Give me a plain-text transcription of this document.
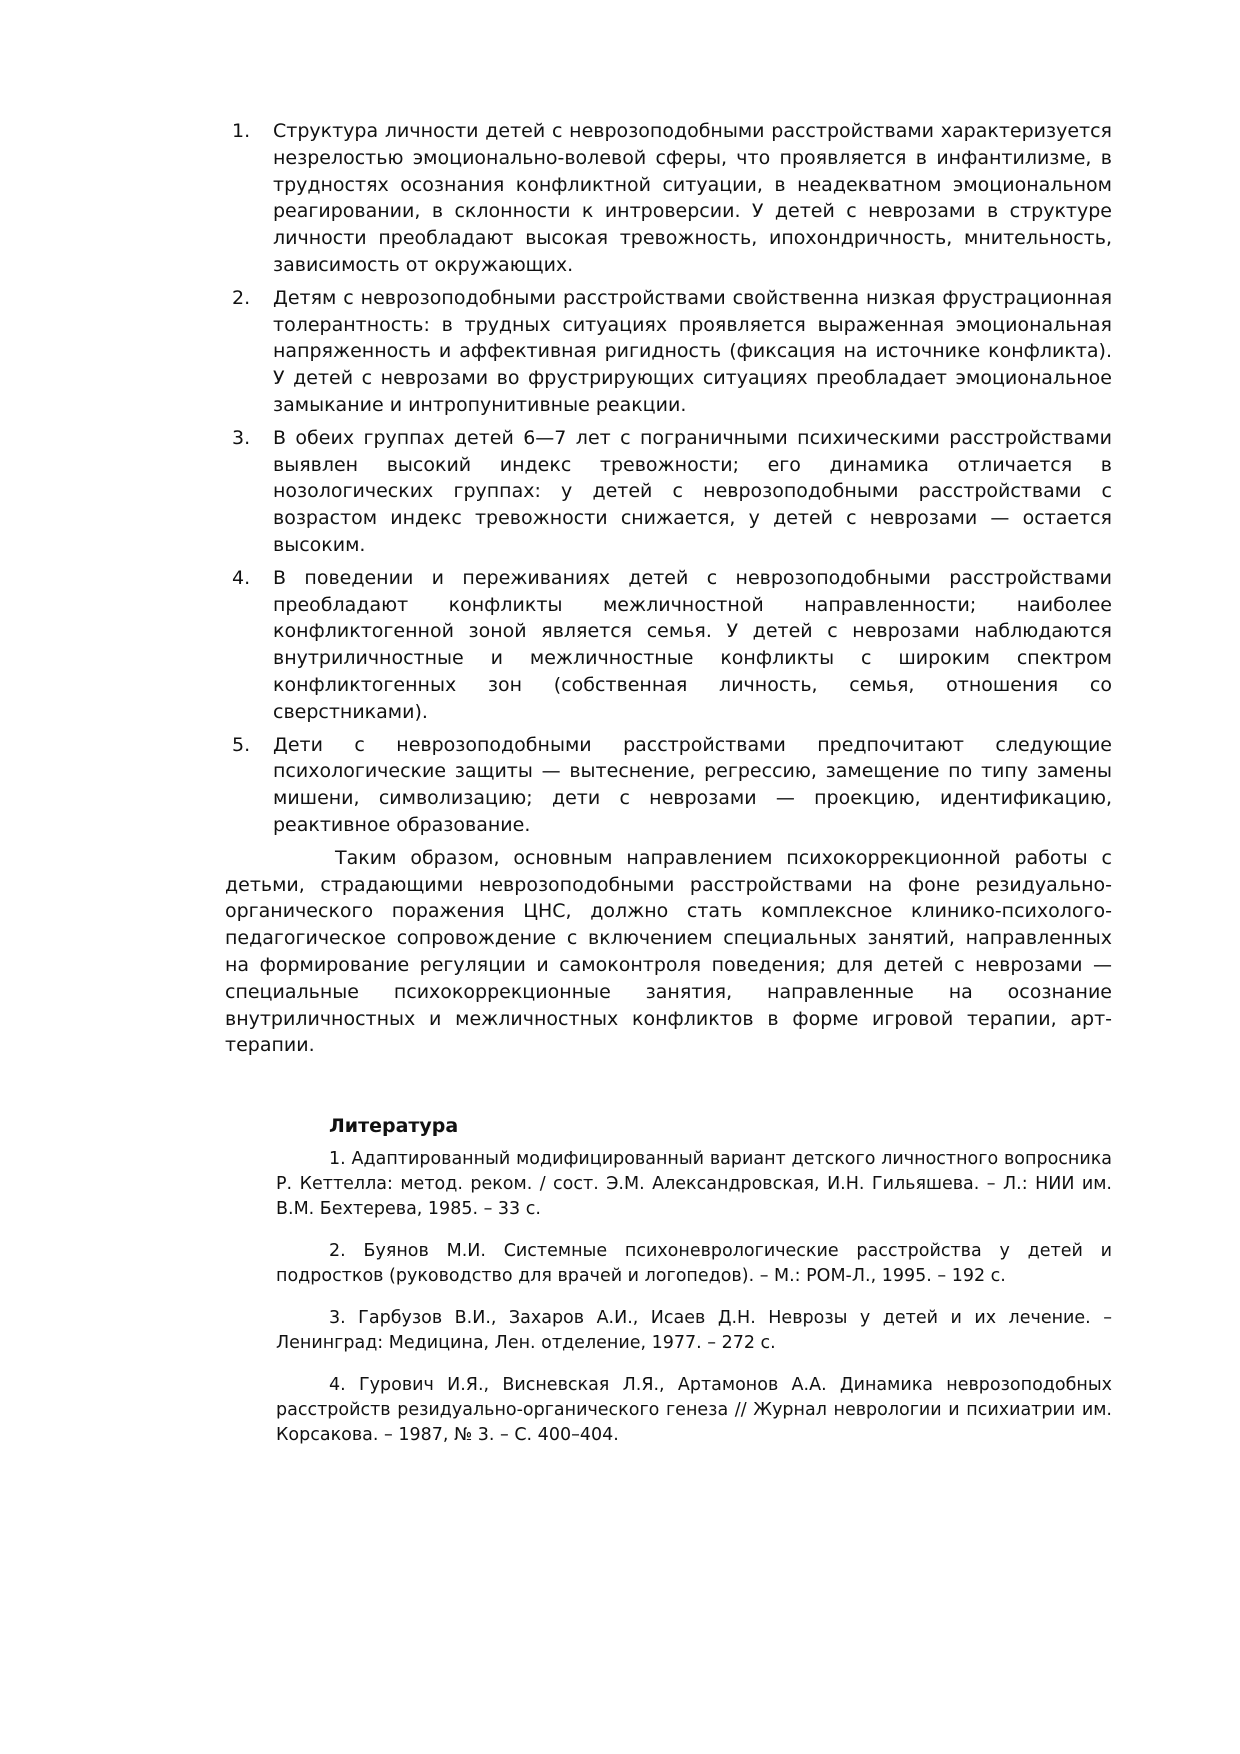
1. Структура личности детей с неврозоподобными расстройствами характеризуется незрелостью эмоционально-волевой сферы, что проявляется в инфантилизме, в трудностях осознания конфликтной ситуации, в неадекватном эмоциональном реагировании, в склонности к интроверсии. У детей с неврозами в структуре личности преобладают высокая тревожность, ипохондричность, мнительность, зависимость от окружающих.
2. Детям с неврозоподобными расстройствами свойственна низкая фрустрационная толерантность: в трудных ситуациях проявляется выраженная эмоциональная напряженность и аффективная ригидность (фиксация на источнике конфликта). У детей с неврозами во фрустрирующих ситуациях преобладает эмоциональное замыкание и интропунитивные реакции.
3. В обеих группах детей 6—7 лет с пограничными психическими расстройствами выявлен высокий индекс тревожности; его динамика отличается в нозологических группах: у детей с неврозоподобными расстройствами с возрастом индекс тревожности снижается, у детей с неврозами — остается высоким.
4. В поведении и переживаниях детей с неврозоподобными расстройствами преобладают конфликты межличностной направленности; наиболее конфликтогенной зоной является семья. У детей с неврозами наблюдаются внутриличностные и межличностные конфликты с широким спектром конфликтогенных зон (собственная личность, семья, отношения со сверстниками).
5. Дети с неврозоподобными расстройствами предпочитают следующие психологические защиты — вытеснение, регрессию, замещение по типу замены мишени, символизацию; дети с неврозами — проекцию, идентификацию, реактивное образование.

Таким образом, основным направлением психокоррекционной работы с детьми, страдающими неврозоподобными расстройствами на фоне резидуально-органического поражения ЦНС, должно стать комплексное клинико-психолого-педагогическое сопровождение с включением специальных занятий, направленных на формирование регуляции и самоконтроля поведения; для детей с неврозами — специальные психокоррекционные занятия, направленные на осознание внутриличностных и межличностных конфликтов в форме игровой терапии, арт-терапии.

Литература

1. Адаптированный модифицированный вариант детского личностного вопросника Р. Кеттелла: метод. реком. / сост. Э.М. Александровская, И.Н. Гильяшева. – Л.: НИИ им. В.М. Бехтерева, 1985. – 33 с.

2. Буянов М.И. Системные психоневрологические расстройства у детей и подростков (руководство для врачей и логопедов). – М.: РОМ-Л., 1995. – 192 с.

3. Гарбузов В.И., Захаров А.И., Исаев Д.Н. Неврозы у детей и их лечение. – Ленинград: Медицина, Лен. отделение, 1977. – 272 с.

4. Гурович И.Я., Висневская Л.Я., Артамонов А.А. Динамика неврозоподобных расстройств резидуально-органического генеза // Журнал неврологии и психиатрии им. Корсакова. – 1987, № 3. – С. 400–404.
